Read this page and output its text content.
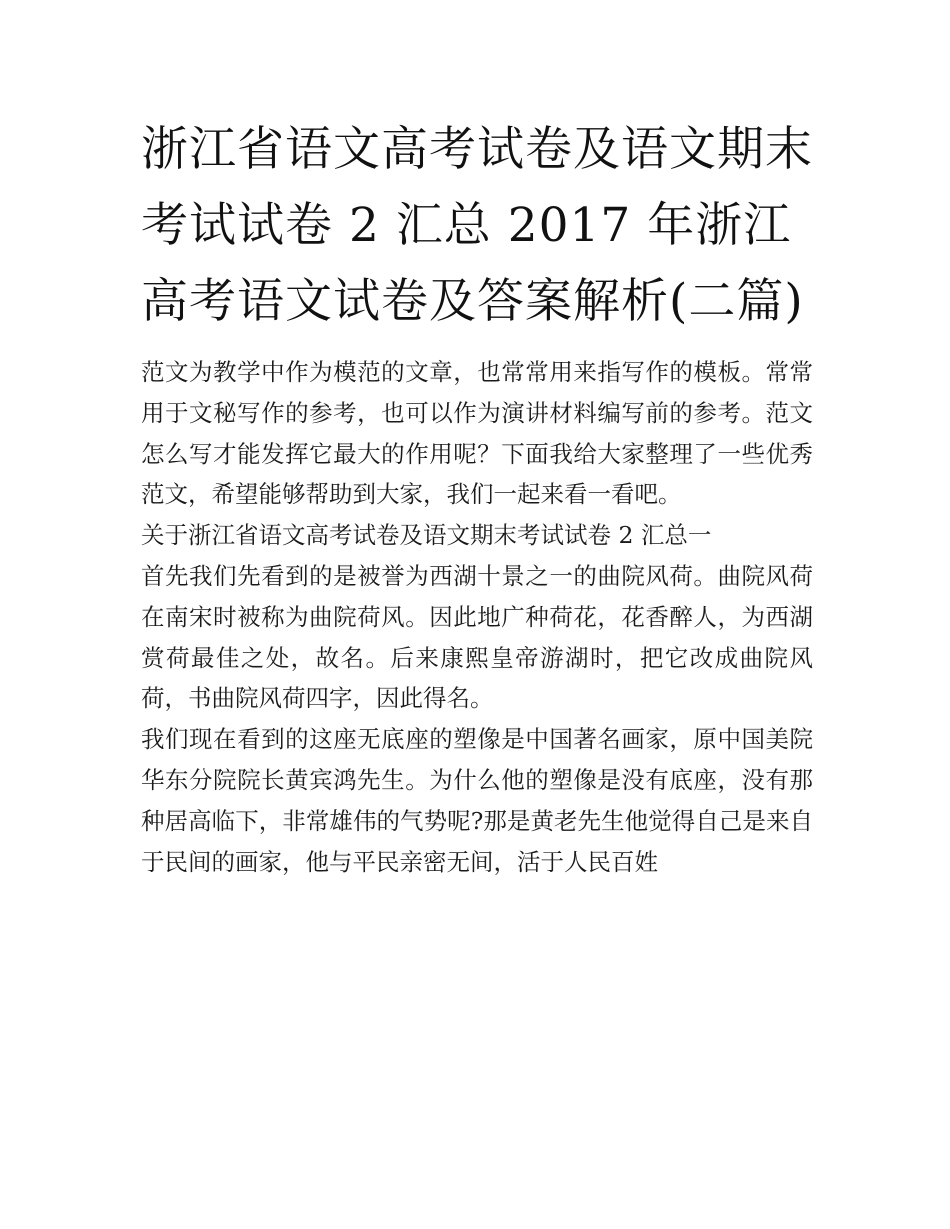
浙江省语文高考试卷及语文期末考试试卷 2 汇总 2017 年浙江高考语文试卷及答案解析(二篇)

范文为教学中作为模范的文章，也常常用来指写作的模板。常常用于文秘写作的参考，也可以作为演讲材料编写前的参考。范文怎么写才能发挥它最大的作用呢？下面我给大家整理了一些优秀范文，希望能够帮助到大家，我们一起来看一看吧。

关于浙江省语文高考试卷及语文期末考试试卷 2 汇总一

首先我们先看到的是被誉为西湖十景之一的曲院风荷。曲院风荷在南宋时被称为曲院荷风。因此地广种荷花，花香醉人，为西湖赏荷最佳之处，故名。后来康熙皇帝游湖时，把它改成曲院风荷，书曲院风荷四字，因此得名。

我们现在看到的这座无底座的塑像是中国著名画家，原中国美院华东分院院长黄宾鸿先生。为什么他的塑像是没有底座，没有那种居高临下，非常雄伟的气势呢?那是黄老先生他觉得自己是来自于民间的画家，他与平民亲密无间，活于人民百姓
